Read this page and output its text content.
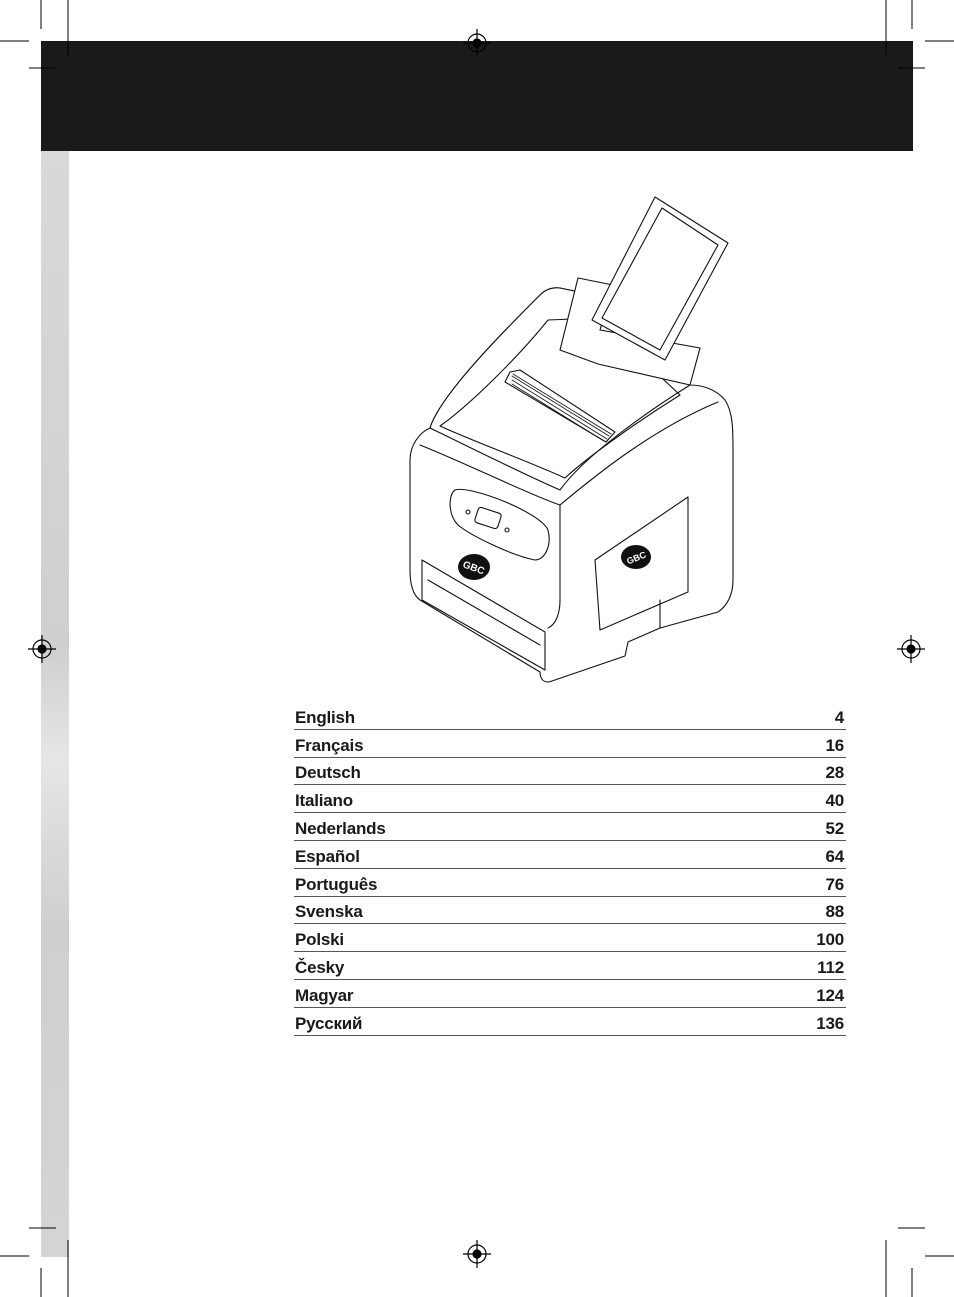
GBC
GBC
English	4
Français	16
Deutsch	28
Italiano	40
Nederlands	52
Español	64
Português	76
Svenska	88
Polski	100
Česky	112
Magyar	124
Русский	136
